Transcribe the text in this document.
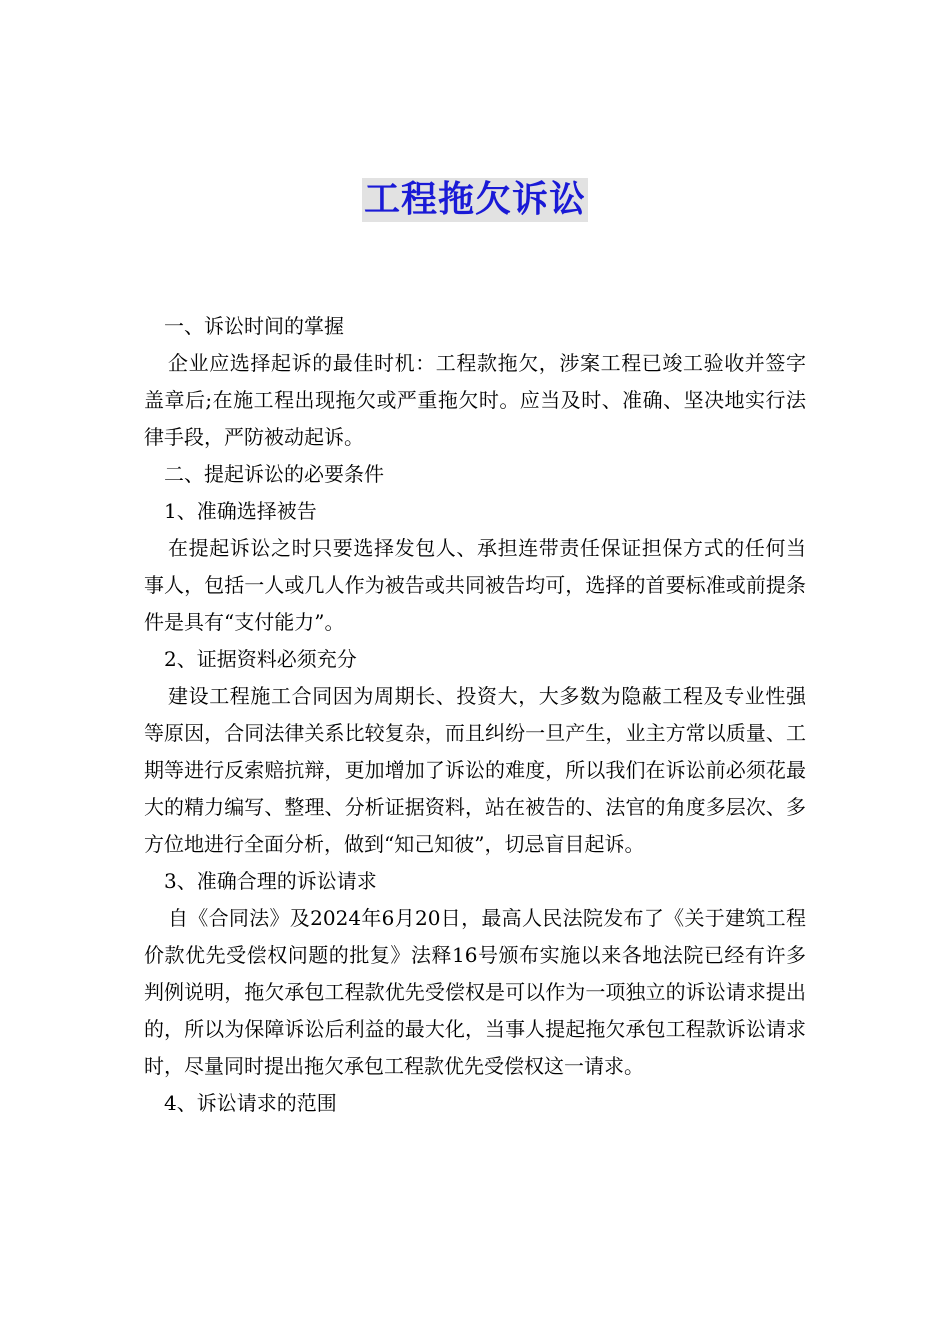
工程拖欠诉讼

一、诉讼时间的掌握

企业应选择起诉的最佳时机：工程款拖欠，涉案工程已竣工验收并签字盖章后;在施工程出现拖欠或严重拖欠时。应当及时、准确、坚决地实行法律手段，严防被动起诉。

二、提起诉讼的必要条件

1、准确选择被告

在提起诉讼之时只要选择发包人、承担连带责任保证担保方式的任何当事人，包括一人或几人作为被告或共同被告均可，选择的首要标准或前提条件是具有“支付能力”。

2、证据资料必须充分

建设工程施工合同因为周期长、投资大，大多数为隐蔽工程及专业性强等原因，合同法律关系比较复杂，而且纠纷一旦产生，业主方常以质量、工期等进行反索赔抗辩，更加增加了诉讼的难度，所以我们在诉讼前必须花最大的精力编写、整理、分析证据资料，站在被告的、法官的角度多层次、多方位地进行全面分析，做到“知己知彼”，切忌盲目起诉。

3、准确合理的诉讼请求

自《合同法》及2024年6月20日，最高人民法院发布了《关于建筑工程价款优先受偿权问题的批复》法释16号颁布实施以来各地法院已经有许多判例说明，拖欠承包工程款优先受偿权是可以作为一项独立的诉讼请求提出的，所以为保障诉讼后利益的最大化，当事人提起拖欠承包工程款诉讼请求时，尽量同时提出拖欠承包工程款优先受偿权这一请求。

4、诉讼请求的范围
